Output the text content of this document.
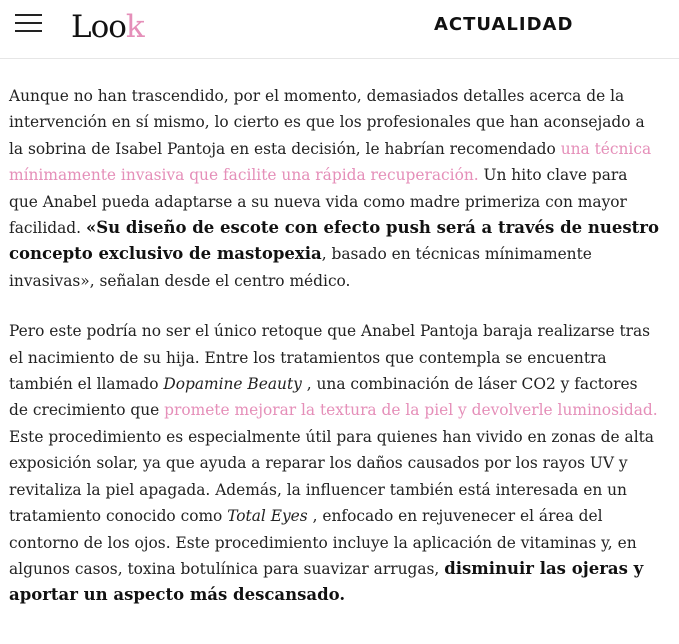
Look	ACTUALIDAD

Aunque no han trascendido, por el momento, demasiados detalles acerca de la intervención en sí mismo, lo cierto es que los profesionales que han aconsejado a la sobrina de Isabel Pantoja en esta decisión, le habrían recomendado una técnica mínimamente invasiva que facilite una rápida recuperación. Un hito clave para que Anabel pueda adaptarse a su nueva vida como madre primeriza con mayor facilidad. «Su diseño de escote con efecto push será a través de nuestro concepto exclusivo de mastopexia, basado en técnicas mínimamente invasivas», señalan desde el centro médico.

Pero este podría no ser el único retoque que Anabel Pantoja baraja realizarse tras el nacimiento de su hija. Entre los tratamientos que contempla se encuentra también el llamado Dopamine Beauty , una combinación de láser CO2 y factores de crecimiento que promete mejorar la textura de la piel y devolverle luminosidad. Este procedimiento es especialmente útil para quienes han vivido en zonas de alta exposición solar, ya que ayuda a reparar los daños causados por los rayos UV y revitaliza la piel apagada. Además, la influencer también está interesada en un tratamiento conocido como Total Eyes , enfocado en rejuvenecer el área del contorno de los ojos. Este procedimiento incluye la aplicación de vitaminas y, en algunos casos, toxina botulínica para suavizar arrugas, disminuir las ojeras y aportar un aspecto más descansado.
